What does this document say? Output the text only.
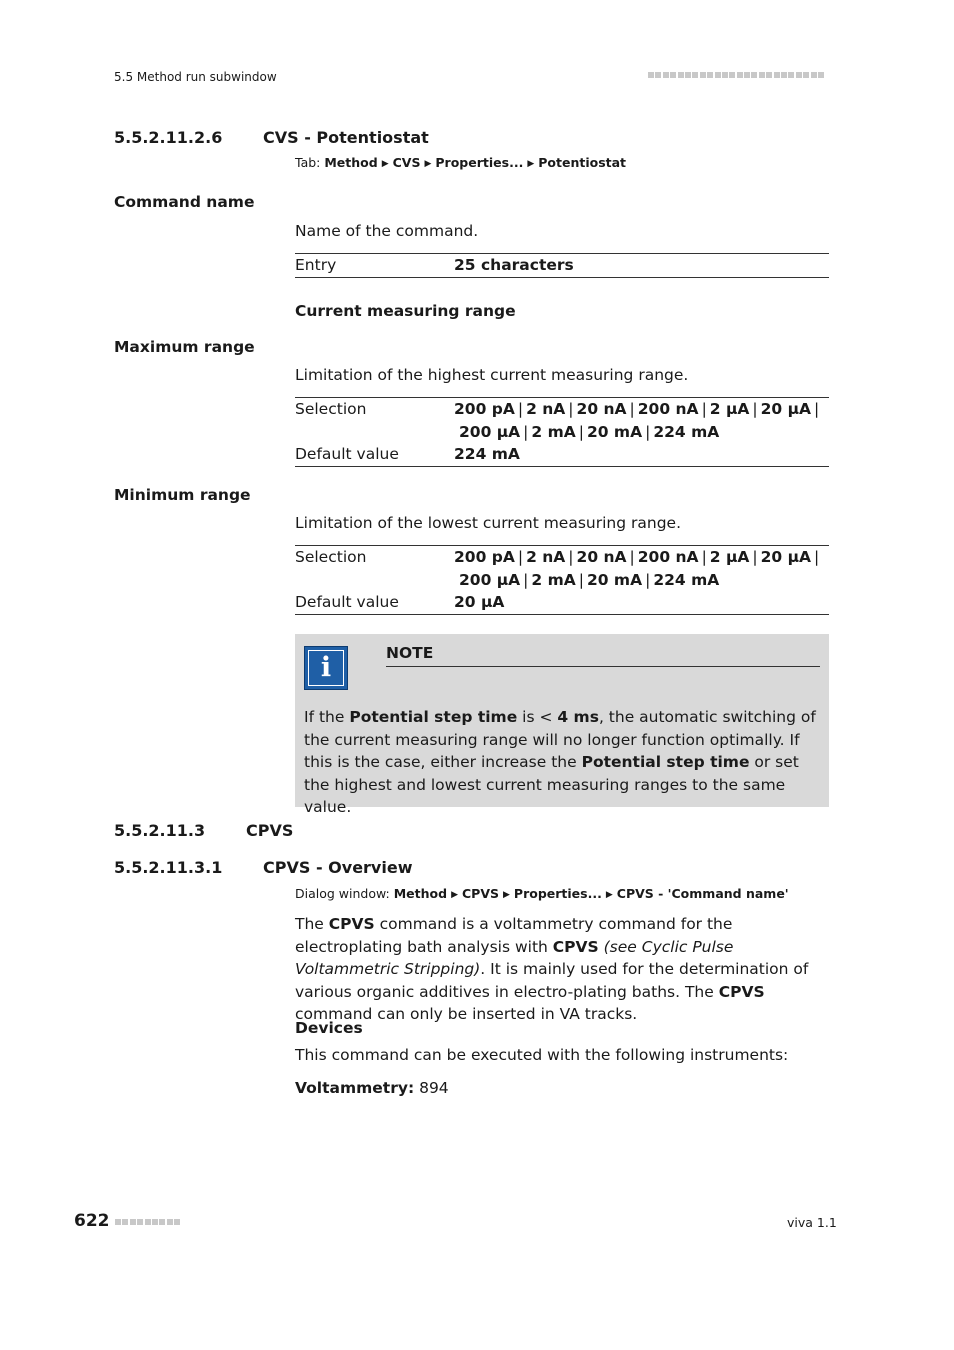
5.5 Method run subwindow
5.5.2.11.2.6	CVS - Potentiostat
Tab: Method ▶ CVS ▶ Properties... ▶ Potentiostat
Command name
Name of the command.
Entry	25 characters
Current measuring range
Maximum range
Limitation of the highest current measuring range.
Selection	200 pA | 2 nA | 20 nA | 200 nA | 2 µA | 20 µA |
200 µA | 2 mA | 20 mA | 224 mA
Default value	224 mA
Minimum range
Limitation of the lowest current measuring range.
Selection	200 pA | 2 nA | 20 nA | 200 nA | 2 µA | 20 µA |
200 µA | 2 mA | 20 mA | 224 mA
Default value	20 µA
i	NOTE
If the Potential step time is < 4 ms, the automatic switching of the current measuring range will no longer function optimally. If this is the case, either increase the Potential step time or set the highest and lowest current measuring ranges to the same value.
5.5.2.11.3	CPVS
5.5.2.11.3.1	CPVS - Overview
Dialog window: Method ▶ CPVS ▶ Properties... ▶ CPVS - 'Command name'
The CPVS command is a voltammetry command for the electroplating bath analysis with CPVS (see Cyclic Pulse Voltammetric Stripping). It is mainly used for the determination of various organic additives in electro-plating baths. The CPVS command can only be inserted in VA tracks.
Devices
This command can be executed with the following instruments:
Voltammetry: 894
622	viva 1.1
